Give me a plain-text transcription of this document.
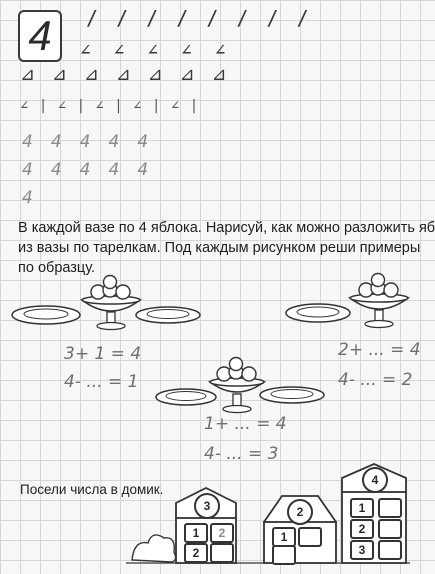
4 / / / / / / / /
∠ ∠ ∠ ∠ ∠
⊿ ⊿ ⊿ ⊿ ⊿ ⊿ ⊿
∠ | ∠ | ∠ | ∠ | ∠ |
4 4 4 4 4
4 4 4 4 4
4
В каждой вазе по 4 яблока. Нарисуй, как можно разложить яб
из вазы по тарелкам. Под каждым рисунком реши примеры
по образцу.
3+ 1 = 4
4- ... = 1
1+ ... = 4
4- ... = 3
2+ ... = 4
4- ... = 2
Посели числа в домик.
3
1	2
2
2
1
4
1
2
3
